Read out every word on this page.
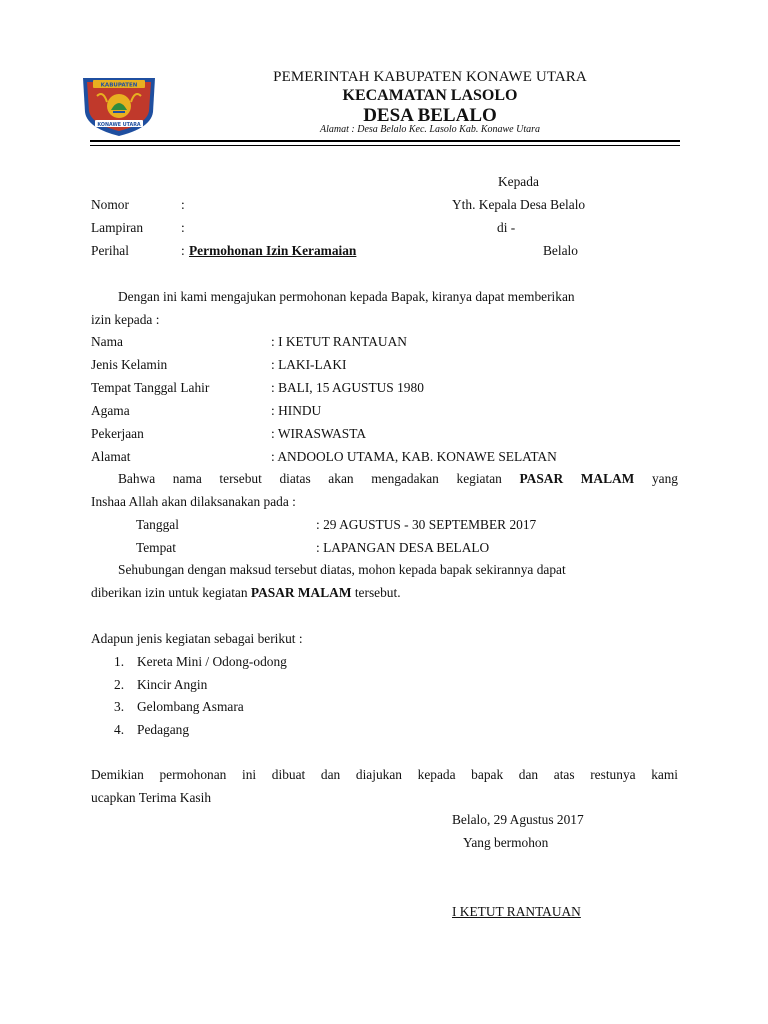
KABUPATEN
KONAWE UTARA
PEMERINTAH KABUPATEN KONAWE UTARA
KECAMATAN LASOLO
DESA BELALO
Alamat : Desa Belalo Kec. Lasolo Kab. Konawe Utara
Kepada
Yth. Kepala Desa Belalo
di -
Belalo
Nomor	:
Lampiran	:
Perihal	: Permohonan Izin Keramaian
Dengan ini kami mengajukan permohonan kepada Bapak, kiranya dapat memberikan
izin kepada :
Nama	: I KETUT RANTAUAN
Jenis Kelamin	: LAKI-LAKI
Tempat Tanggal Lahir	: BALI, 15 AGUSTUS 1980
Agama	: HINDU
Pekerjaan	: WIRASWASTA
Alamat	: ANDOOLO UTAMA, KAB. KONAWE SELATAN
Bahwa nama tersebut diatas akan mengadakan kegiatan PASAR MALAM yang
Inshaa Allah akan dilaksanakan pada :
Tanggal	: 29 AGUSTUS - 30 SEPTEMBER 2017
Tempat	: LAPANGAN DESA BELALO
Sehubungan dengan maksud tersebut diatas, mohon kepada bapak sekirannya dapat
diberikan izin untuk kegiatan PASAR MALAM tersebut.
Adapun jenis kegiatan sebagai berikut :
1. Kereta Mini / Odong-odong
2. Kincir Angin
3. Gelombang Asmara
4. Pedagang
Demikian permohonan ini dibuat dan diajukan kepada bapak dan atas restunya kami
ucapkan Terima Kasih
Belalo, 29 Agustus 2017
Yang bermohon
I KETUT RANTAUAN
